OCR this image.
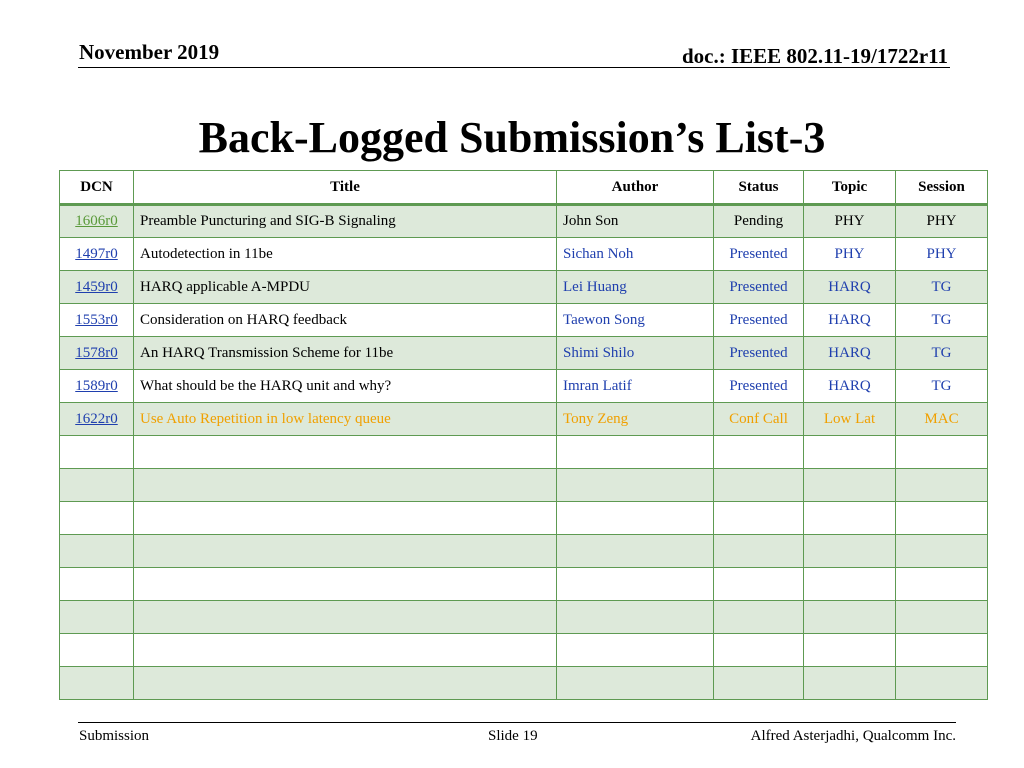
November 2019	doc.: IEEE 802.11-19/1722r11
Back-Logged Submission’s List-3
DCN	Title	Author	Status	Topic	Session
1606r0	Preamble Puncturing and SIG-B Signaling	John Son	Pending	PHY	PHY
1497r0	Autodetection in 11be	Sichan Noh	Presented	PHY	PHY
1459r0	HARQ applicable A-MPDU	Lei Huang	Presented	HARQ	TG
1553r0	Consideration on HARQ feedback	Taewon Song	Presented	HARQ	TG
1578r0	An HARQ Transmission Scheme for 11be	Shimi Shilo	Presented	HARQ	TG
1589r0	What should be the HARQ unit and why?	Imran Latif	Presented	HARQ	TG
1622r0	Use Auto Repetition in low latency queue	Tony Zeng	Conf Call	Low Lat	MAC

Submission	Slide 19	Alfred Asterjadhi, Qualcomm Inc.
